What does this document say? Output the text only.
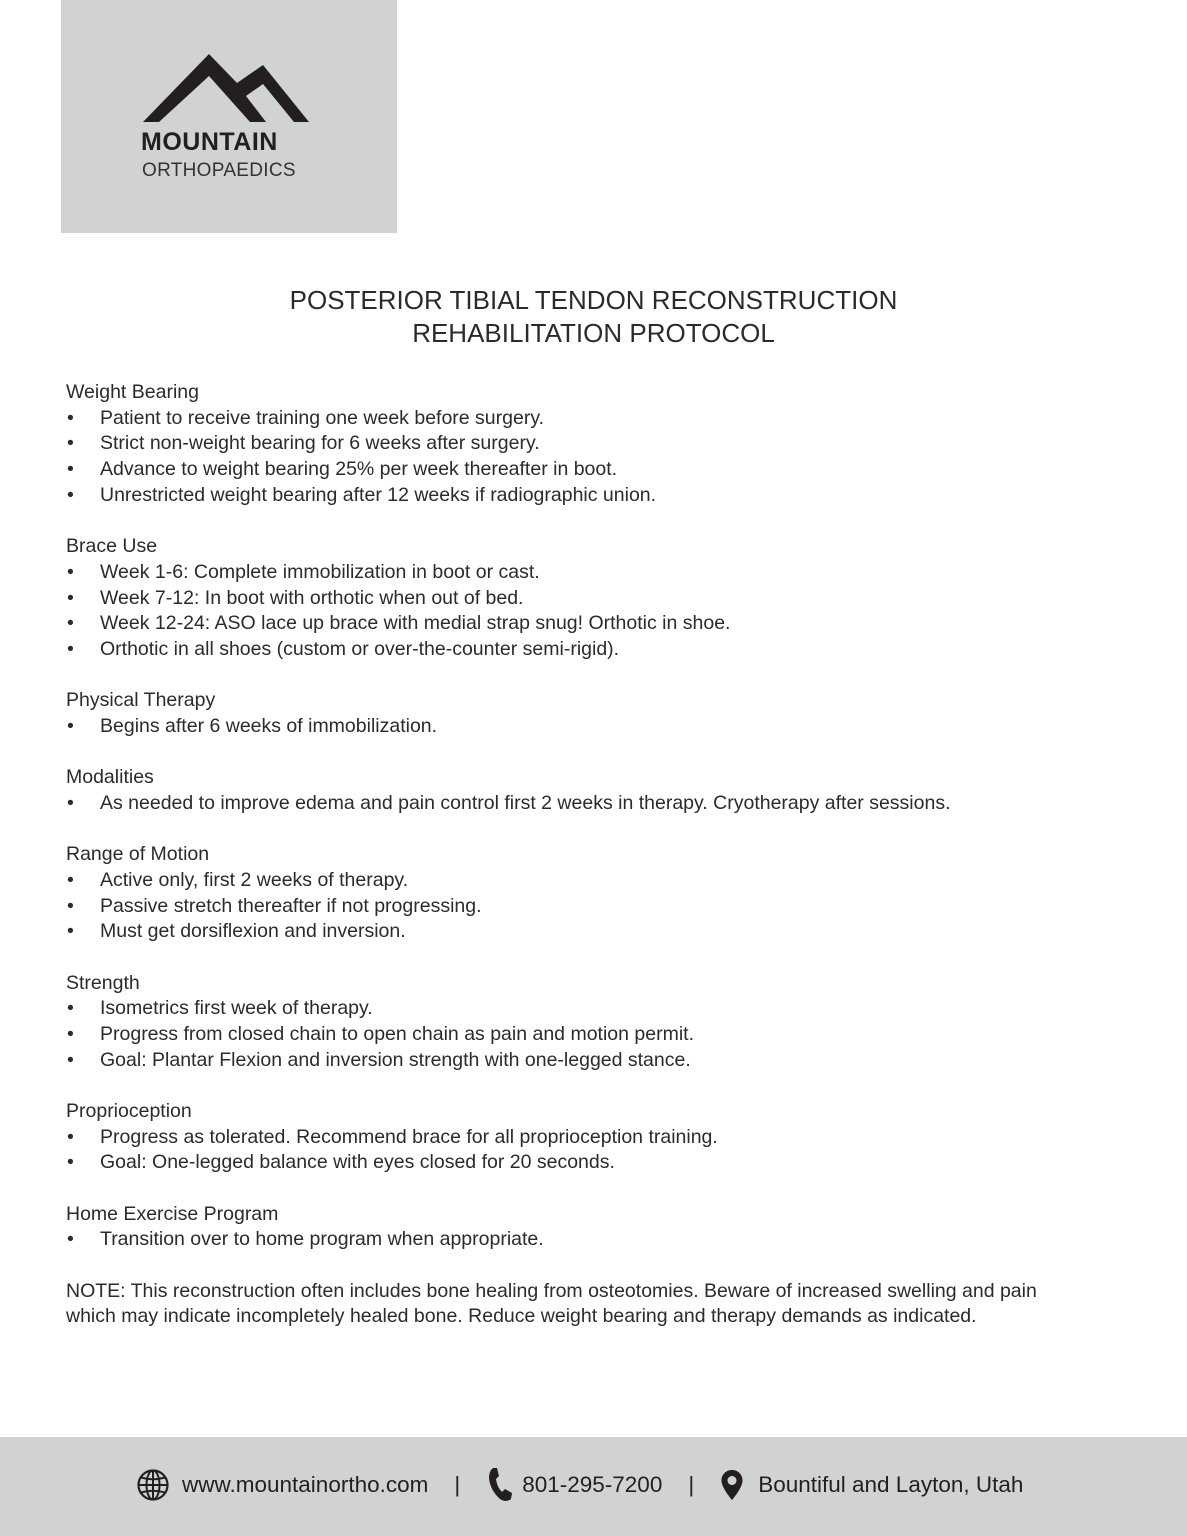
MOUNTAIN
ORTHOPAEDICS
POSTERIOR TIBIAL TENDON RECONSTRUCTION
REHABILITATION PROTOCOL
Weight Bearing
• Patient to receive training one week before surgery.
• Strict non-weight bearing for 6 weeks after surgery.
• Advance to weight bearing 25% per week thereafter in boot.
• Unrestricted weight bearing after 12 weeks if radiographic union.
Brace Use
• Week 1-6: Complete immobilization in boot or cast.
• Week 7-12: In boot with orthotic when out of bed.
• Week 12-24: ASO lace up brace with medial strap snug! Orthotic in shoe.
• Orthotic in all shoes (custom or over-the-counter semi-rigid).
Physical Therapy
• Begins after 6 weeks of immobilization.
Modalities
• As needed to improve edema and pain control first 2 weeks in therapy. Cryotherapy after sessions.
Range of Motion
• Active only, first 2 weeks of therapy.
• Passive stretch thereafter if not progressing.
• Must get dorsiflexion and inversion.
Strength
• Isometrics first week of therapy.
• Progress from closed chain to open chain as pain and motion permit.
• Goal: Plantar Flexion and inversion strength with one-legged stance.
Proprioception
• Progress as tolerated. Recommend brace for all proprioception training.
• Goal: One-legged balance with eyes closed for 20 seconds.
Home Exercise Program
• Transition over to home program when appropriate.

NOTE: This reconstruction often includes bone healing from osteotomies. Beware of increased swelling and pain which may indicate incompletely healed bone. Reduce weight bearing and therapy demands as indicated.

www.mountainortho.com |	801-295-7200 |	Bountiful and Layton, Utah
